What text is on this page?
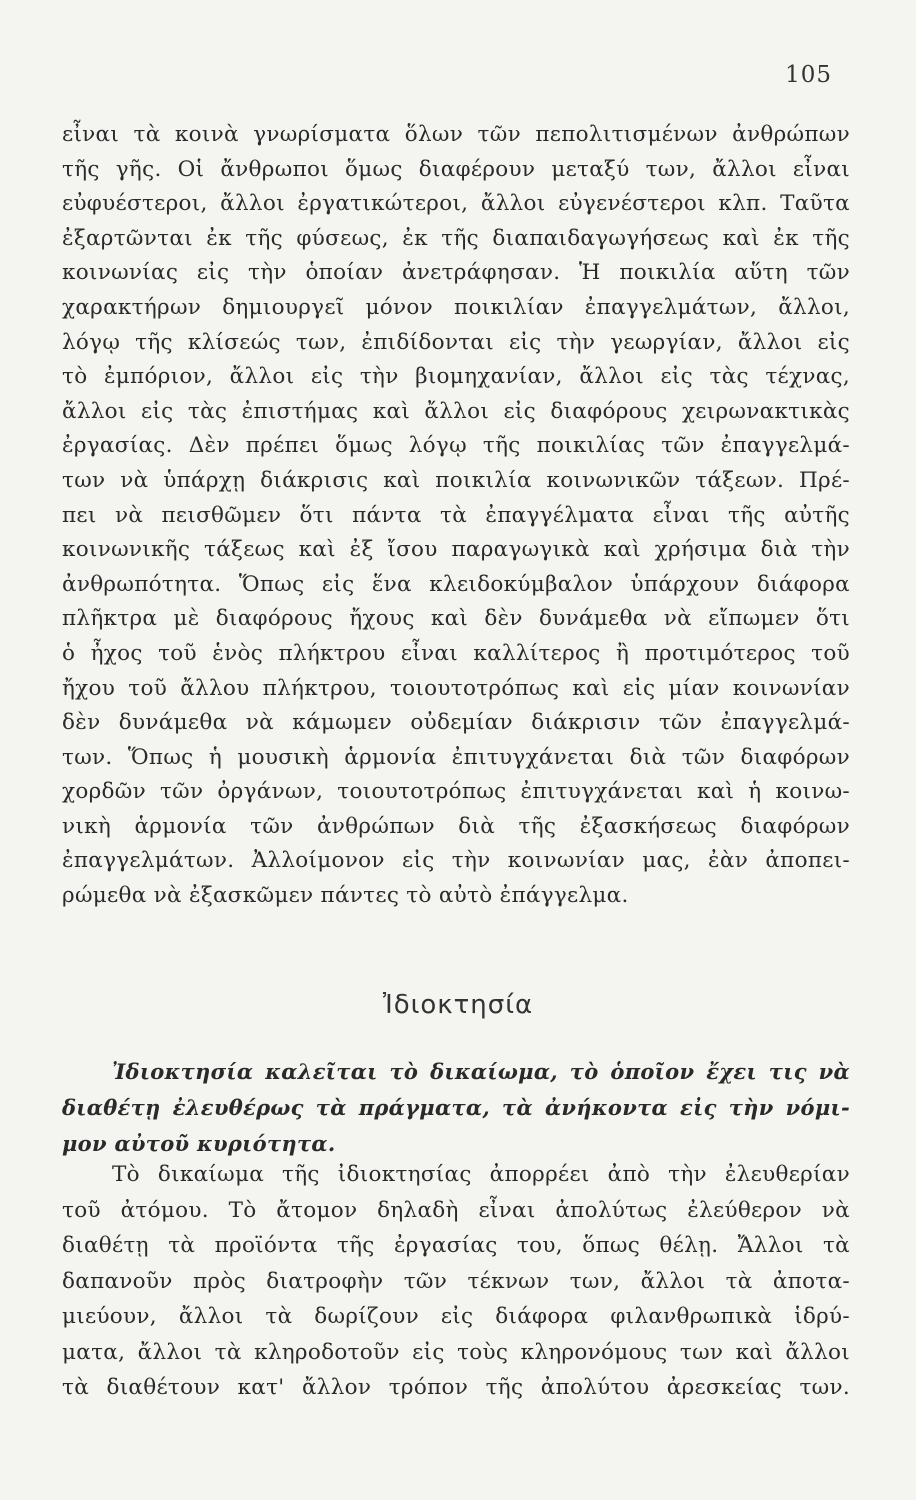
105
εἶναι τὰ κοινὰ γνωρίσματα ὅλων τῶν πεπολιτισμένων ἀνθρώπων
τῆς γῆς. Οἱ ἄνθρωποι ὅμως διαφέρουν μεταξύ των, ἄλλοι εἶναι
εὐφυέστεροι, ἄλλοι ἐργατικώτεροι, ἄλλοι εὐγενέστεροι κλπ. Ταῦτα
ἐξαρτῶνται ἐκ τῆς φύσεως, ἐκ τῆς διαπαιδαγωγήσεως καὶ ἐκ τῆς
κοινωνίας εἰς τὴν ὁποίαν ἀνετράφησαν. Ἡ ποικιλία αὕτη τῶν
χαρακτήρων δημιουργεῖ μόνον ποικιλίαν ἐπαγγελμάτων, ἄλλοι,
λόγῳ τῆς κλίσεώς των, ἐπιδίδονται εἰς τὴν γεωργίαν, ἄλλοι εἰς
τὸ ἐμπόριον, ἄλλοι εἰς τὴν βιομηχανίαν, ἄλλοι εἰς τὰς τέχνας,
ἄλλοι εἰς τὰς ἐπιστήμας καὶ ἄλλοι εἰς διαφόρους χειρωνακτικὰς
ἐργασίας. Δὲν πρέπει ὅμως λόγῳ τῆς ποικιλίας τῶν ἐπαγγελμά-
των νὰ ὑπάρχῃ διάκρισις καὶ ποικιλία κοινωνικῶν τάξεων. Πρέ-
πει νὰ πεισθῶμεν ὅτι πάντα τὰ ἐπαγγέλματα εἶναι τῆς αὐτῆς
κοινωνικῆς τάξεως καὶ ἐξ ἴσου παραγωγικὰ καὶ χρήσιμα διὰ τὴν
ἀνθρωπότητα. Ὅπως εἰς ἕνα κλειδοκύμβαλον ὑπάρχουν διάφορα
πλῆκτρα μὲ διαφόρους ἤχους καὶ δὲν δυνάμεθα νὰ εἴπωμεν ὅτι
ὁ ἦχος τοῦ ἑνὸς πλήκτρου εἶναι καλλίτερος ἢ προτιμότερος τοῦ
ἤχου τοῦ ἄλλου πλήκτρου, τοιουτοτρόπως καὶ εἰς μίαν κοινωνίαν
δὲν δυνάμεθα νὰ κάμωμεν οὐδεμίαν διάκρισιν τῶν ἐπαγγελμά-
των. Ὅπως ἡ μουσικὴ ἁρμονία ἐπιτυγχάνεται διὰ τῶν διαφόρων
χορδῶν τῶν ὀργάνων, τοιουτοτρόπως ἐπιτυγχάνεται καὶ ἡ κοινω-
νικὴ ἁρμονία τῶν ἀνθρώπων διὰ τῆς ἐξασκήσεως διαφόρων
ἐπαγγελμάτων. Ἀλλοίμονον εἰς τὴν κοινωνίαν μας, ἐὰν ἀποπει-
ρώμεθα νὰ ἐξασκῶμεν πάντες τὸ αὐτὸ ἐπάγγελμα.
Ἰδιοκτησία
Ἰδιοκτησία καλεῖται τὸ δικαίωμα, τὸ ὁποῖον ἔχει τις νὰ
διαθέτῃ ἐλευθέρως τὰ πράγματα, τὰ ἀνήκοντα εἰς τὴν νόμι-
μον αὐτοῦ κυριότητα.
Τὸ δικαίωμα τῆς ἰδιοκτησίας ἀπορρέει ἀπὸ τὴν ἐλευθερίαν
τοῦ ἀτόμου. Τὸ ἄτομον δηλαδὴ εἶναι ἀπολύτως ἐλεύθερον νὰ
διαθέτῃ τὰ προϊόντα τῆς ἐργασίας του, ὅπως θέλῃ. Ἄλλοι τὰ
δαπανοῦν πρὸς διατροφὴν τῶν τέκνων των, ἄλλοι τὰ ἀποτα-
μιεύουν, ἄλλοι τὰ δωρίζουν εἰς διάφορα φιλανθρωπικὰ ἱδρύ-
ματα, ἄλλοι τὰ κληροδοτοῦν εἰς τοὺς κληρονόμους των καὶ ἄλλοι
τὰ διαθέτουν κατ' ἄλλον τρόπον τῆς ἀπολύτου ἀρεσκείας των.
